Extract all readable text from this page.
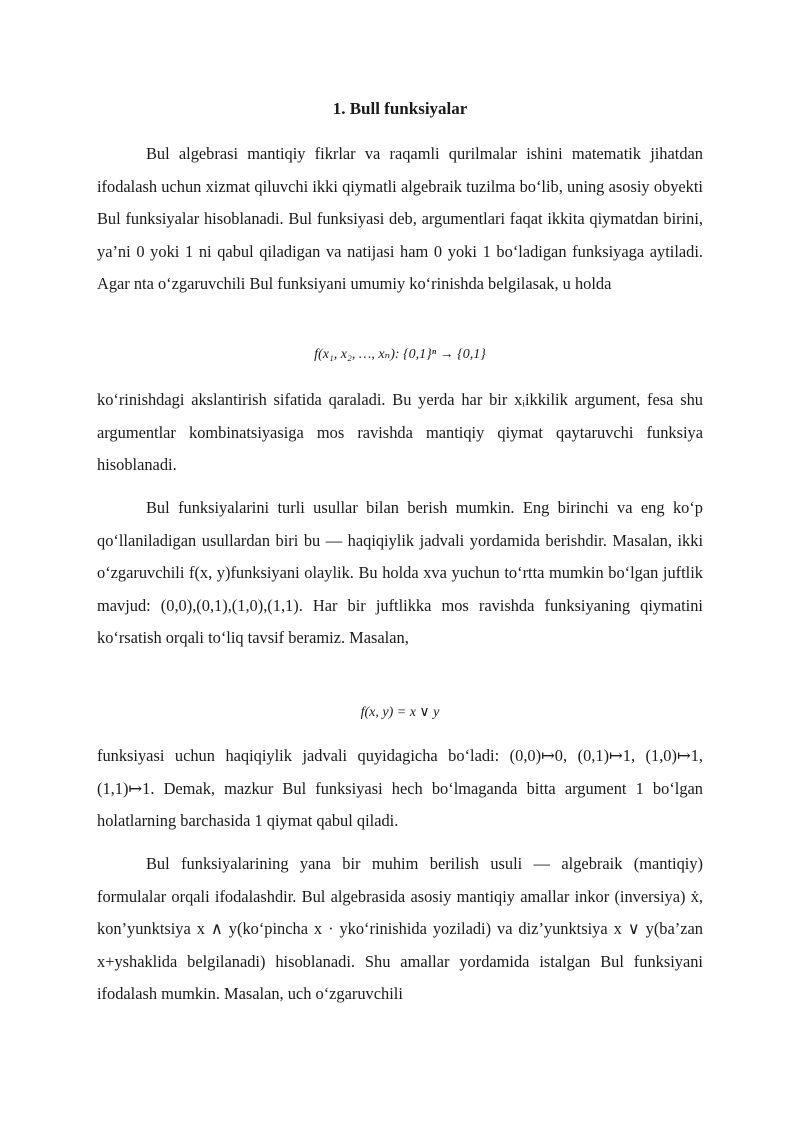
1. Bull funksiyalar

Bul algebrasi mantiqiy fikrlar va raqamli qurilmalar ishini matematik jihatdan ifodalash uchun xizmat qiluvchi ikki qiymatli algebraik tuzilma bo‘lib, uning asosiy obyekti Bul funksiyalar hisoblanadi. Bul funksiyasi deb, argumentlari faqat ikkita qiymatdan birini, ya’ni 0 yoki 1 ni qabul qiladigan va natijasi ham 0 yoki 1 bo‘ladigan funksiyaga aytiladi. Agar nta o‘zgaruvchili Bul funksiyani umumiy ko‘rinishda belgilasak, u holda

f(x₁, x₂, …, xₙ): {0,1}ⁿ → {0,1}

ko‘rinishdagi akslantirish sifatida qaraladi. Bu yerda har bir xᵢikkilik argument, fesa shu argumentlar kombinatsiyasiga mos ravishda mantiqiy qiymat qaytaruvchi funksiya hisoblanadi.

Bul funksiyalarini turli usullar bilan berish mumkin. Eng birinchi va eng ko‘p qo‘llaniladigan usullardan biri bu — haqiqiylik jadvali yordamida berishdir. Masalan, ikki o‘zgaruvchili f(x, y)funksiyani olaylik. Bu holda xva yuchun to‘rtta mumkin bo‘lgan juftlik mavjud: (0,0),(0,1),(1,0),(1,1). Har bir juftlikka mos ravishda funksiyaning qiymatini ko‘rsatish orqali to‘liq tavsif beramiz. Masalan,

f(x, y) = x ∨ y

funksiyasi uchun haqiqiylik jadvali quyidagicha bo‘ladi: (0,0)↦0, (0,1)↦1, (1,0)↦1, (1,1)↦1. Demak, mazkur Bul funksiyasi hech bo‘lmaganda bitta argument 1 bo‘lgan holatlarning barchasida 1 qiymat qabul qiladi.

Bul funksiyalarining yana bir muhim berilish usuli — algebraik (mantiqiy) formulalar orqali ifodalashdir. Bul algebrasida asosiy mantiqiy amallar inkor (inversiya) ẋ, kon’yunktsiya x ∧ y(ko‘pincha x · yko‘rinishida yoziladi) va diz’yunktsiya x ∨ y(ba’zan x+yshaklida belgilanadi) hisoblanadi. Shu amallar yordamida istalgan Bul funksiyani ifodalash mumkin. Masalan, uch o‘zgaruvchili
